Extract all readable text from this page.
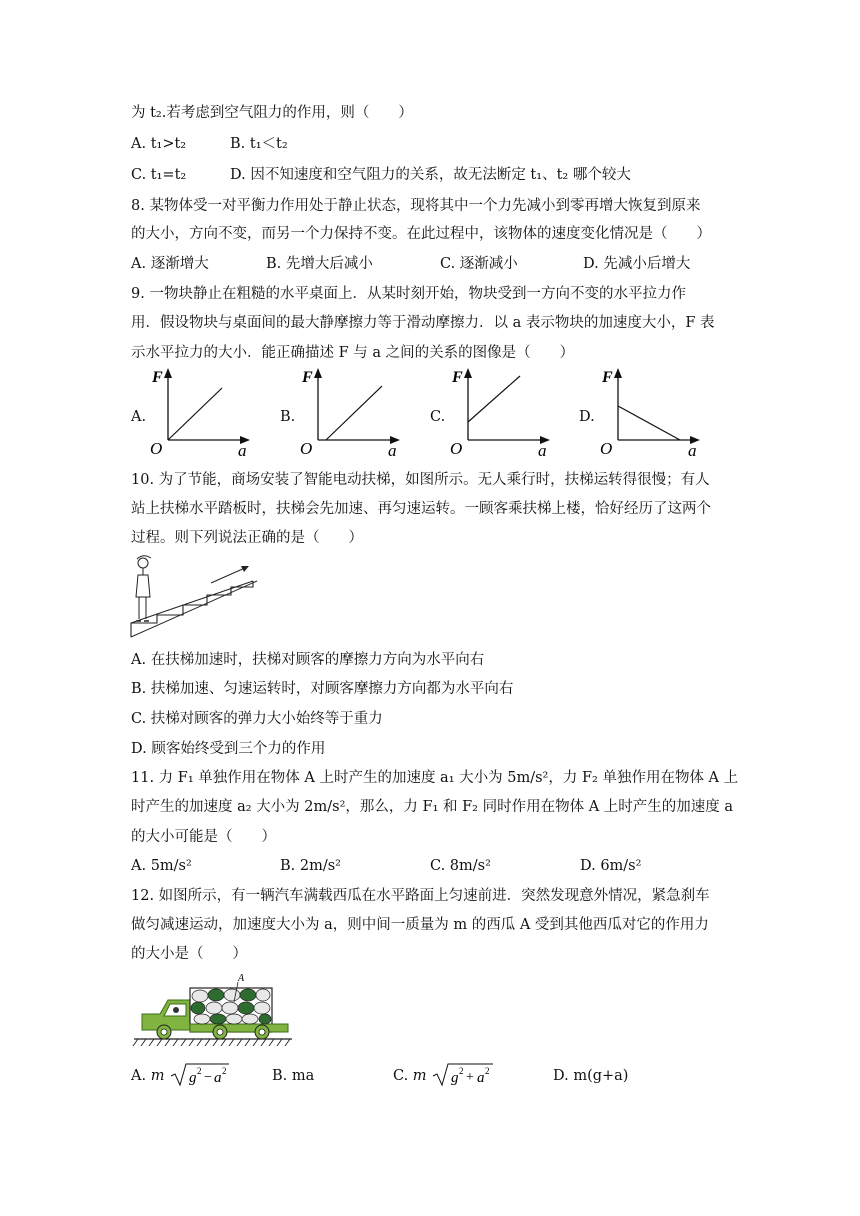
为 t₂.若考虑到空气阻力的作用，则（　　）
A. t₁>t₂	B. t₁＜t₂
C. t₁=t₂	D. 因不知速度和空气阻力的关系，故无法断定 t₁、t₂ 哪个较大
8. 某物体受一对平衡力作用处于静止状态，现将其中一个力先减小到零再增大恢复到原来
的大小，方向不变，而另一个力保持不变。在此过程中，该物体的速度变化情况是（　　）
A. 逐渐增大	B. 先增大后减小	C. 逐渐减小	D. 先减小后增大
9. 一物块静止在粗糙的水平桌面上．从某时刻开始，物块受到一方向不变的水平拉力作
用．假设物块与桌面间的最大静摩擦力等于滑动摩擦力．以 a 表示物块的加速度大小，F 表
示水平拉力的大小．能正确描述 F 与 a 之间的关系的图像是（　　）
A.	B.	C.	D.
F
O	a
F
O	a
F
O	a
F
O	a
10. 为了节能，商场安装了智能电动扶梯，如图所示。无人乘行时，扶梯运转得很慢；有人
站上扶梯水平踏板时，扶梯会先加速、再匀速运转。一顾客乘扶梯上楼，恰好经历了这两个
过程。则下列说法正确的是（　　）
A. 在扶梯加速时，扶梯对顾客的摩擦力方向为水平向右
B. 扶梯加速、匀速运转时，对顾客摩擦力方向都为水平向右
C. 扶梯对顾客的弹力大小始终等于重力
D. 顾客始终受到三个力的作用
11. 力 F₁ 单独作用在物体 A 上时产生的加速度 a₁ 大小为 5m/s²，力 F₂ 单独作用在物体 A 上
时产生的加速度 a₂ 大小为 2m/s²，那么，力 F₁ 和 F₂ 同时作用在物体 A 上时产生的加速度 a
的大小可能是（　　）
A. 5m/s²	B. 2m/s²	C. 8m/s²	D. 6m/s²
12. 如图所示，有一辆汽车满载西瓜在水平路面上匀速前进．突然发现意外情况，紧急刹车
做匀减速运动，加速度大小为 a，则中间一质量为 m 的西瓜 A 受到其他西瓜对它的作用力
的大小是（　　）
A
A. m g 2 − a 2	B. ma	C. m g 2 + a 2	D. m(g+a)
